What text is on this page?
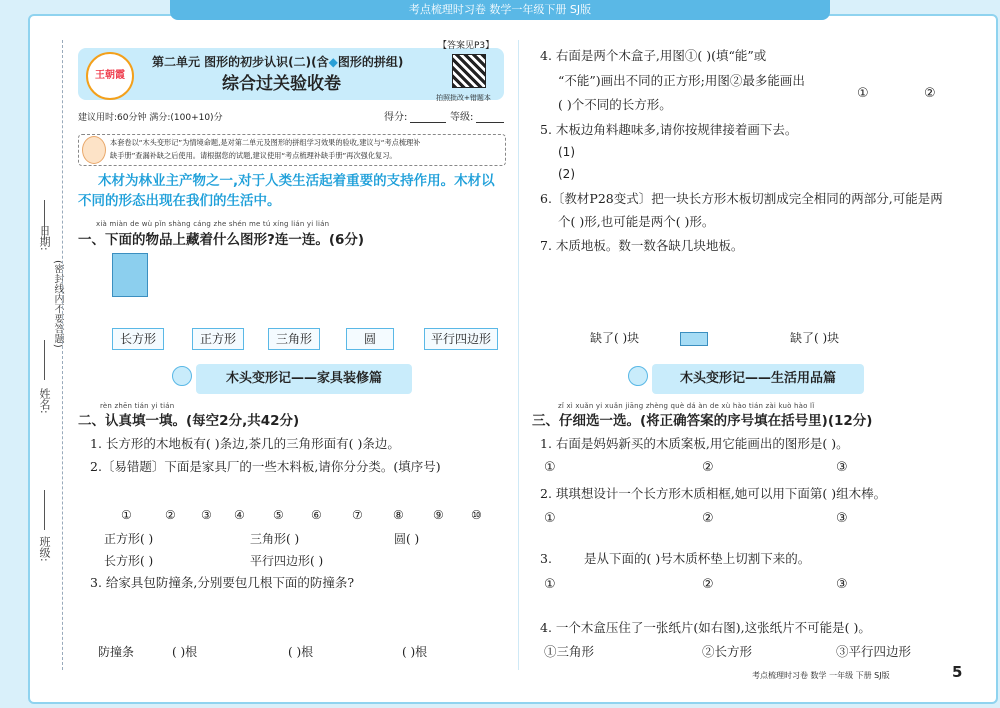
考点梳理时习卷 数学一年级下册 SJ版
日期:
(密封线内不要答题)
姓名:
班级:
王朝霞
第二单元 图形的初步认识(二)(含◆图形的拼组)
综合过关验收卷
【答案见P3】
拍照批改+错题本
建议用时:60分钟 满分:(100+10)分	得分:	等级:
本套卷以“木头变形记”为情境命题,是对第二单元及图形的拼组学习效果的验收,建议与“考点梳理补
缺手册”查漏补缺之后使用。请根据您的试题,建议使用“考点梳理补缺手册”再次强化复习。
木材为林业主产物之一,对于人类生活起着重要的支持作用。木材以
不同的形态出现在我们的生活中。
xià miàn de wù pǐn shàng cáng zhe shén me tú xíng lián yi lián
一、下面的物品上藏着什么图形?连一连。(6分)
长方形	正方形	三角形	圆	平行四边形
木头变形记——家具装修篇
rèn zhēn tián yi tián
二、认真填一填。(每空2分,共42分)
1. 长方形的木地板有( )条边,茶几的三角形面有( )条边。
2.〔易错题〕下面是家具厂的一些木料板,请你分分类。(填序号)
①	② ③ ④ ⑤ ⑥	⑦	⑧ ⑨ ⑩
正方形( )	三角形( )	圆( )
长方形( )	平行四边形( )
3. 给家具包防撞条,分别要包几根下面的防撞条?
防撞条	( )根	( )根	( )根
4. 右面是两个木盒子,用图①( )(填“能”或
“不能”)画出不同的正方形;用图②最多能画出
( )个不同的长方形。
①	②
5. 木板边角料趣味多,请你按规律接着画下去。
(1)
(2)
6.〔教材P28变式〕把一块长方形木板切割成完全相同的两部分,可能是两
个( )形,也可能是两个( )形。
7. 木质地板。数一数各缺几块地板。
缺了( )块	缺了( )块
木头变形记——生活用品篇
zǐ xì xuǎn yi xuǎn jiāng zhèng què dá àn de xù hào tián zài kuò hào lǐ
三、仔细选一选。(将正确答案的序号填在括号里)(12分)
1. 右面是妈妈新买的木质案板,用它能画出的图形是( )。
①	②	③
2. 琪琪想设计一个长方形木质相框,她可以用下面第( )组木棒。
①	②	③
3.	是从下面的( )号木质杯垫上切割下来的。
①	②	③
4. 一个木盒压住了一张纸片(如右图),这张纸片不可能是( )。
①三角形	②长方形	③平行四边形
考点梳理时习卷 数学 一年级 下册 SJ版	5
